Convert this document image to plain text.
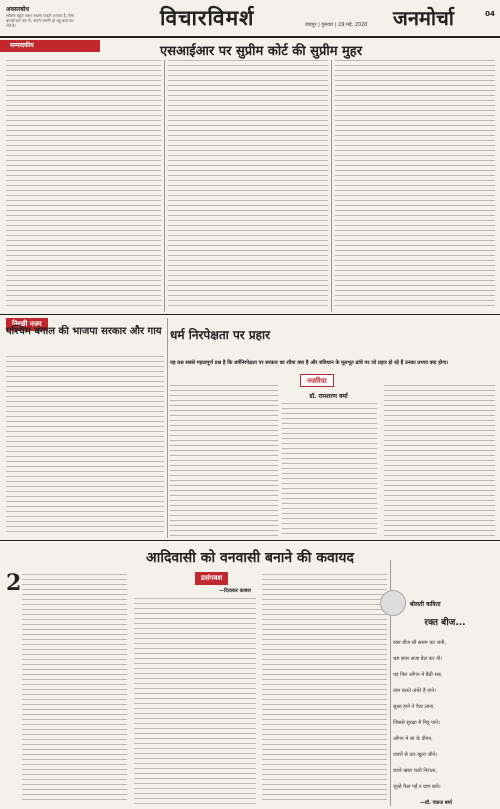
अवसरबोध
सोचना बहुत जरूर रखना चाहते अतएव है, ऐसा बाताते हम कर ले, अपने जरूरि हो बहु बाब कर लेते है।	विचारविमर्श	जयपुर | गुरुवार | 29 मई, 2020 जनमोर्चा	04
सम्पादकीय	एसआईआर पर सुप्रीम कोर्ट की सुप्रीम मुहर
तिरछी नजर
पश्चिम बंगाल की भाजपा सरकार और गाय धर्म निरपेक्षता पर प्रहार
यह प्रश्न सबसे महत्वपूर्ण प्रश्न है कि धर्मनिरपेक्षता पर सरकार का रवैया क्या है और संविधान के मूलभूत ढांचे पर जो प्रहार हो रहे हैं उनका प्रभाव क्या होगा।
नजरिया
डॉ. रामशरण वर्मा
आदिवासी को वनवासी बनाने की कवायद
प्रसंगवश
—दिवाकर काबरा
2
बोलती कविता
रक्त बीज...
—डॉ. पंकज बर्मा
रक्त बीज सी ससम कर जनी,
भ्रष्ट सवर सजा बेल कर नी।
यह फिर आँगन में बैठी सब,
ताम बलते अंधेरे हैं ताने।
सुक्ष्म हाने ने पैठा लाना,
जिससे सुरक्षा मै मिट्ट पाने।
आँगन में सा के दीपन,
जवरों से तार खुला जीने।
कपरे खबर चली निराला,
जुल्हे फैल गईं न ग्राम बाने।
